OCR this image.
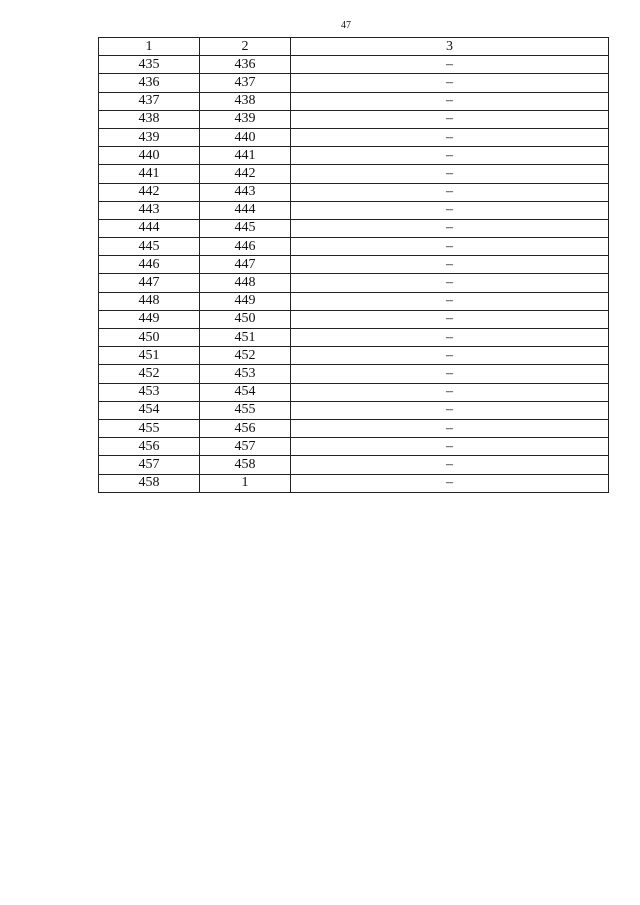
47
1	2	3
435	436	–
436	437	–
437	438	–
438	439	–
439	440	–
440	441	–
441	442	–
442	443	–
443	444	–
444	445	–
445	446	–
446	447	–
447	448	–
448	449	–
449	450	–
450	451	–
451	452	–
452	453	–
453	454	–
454	455	–
455	456	–
456	457	–
457	458	–
458	1	–
